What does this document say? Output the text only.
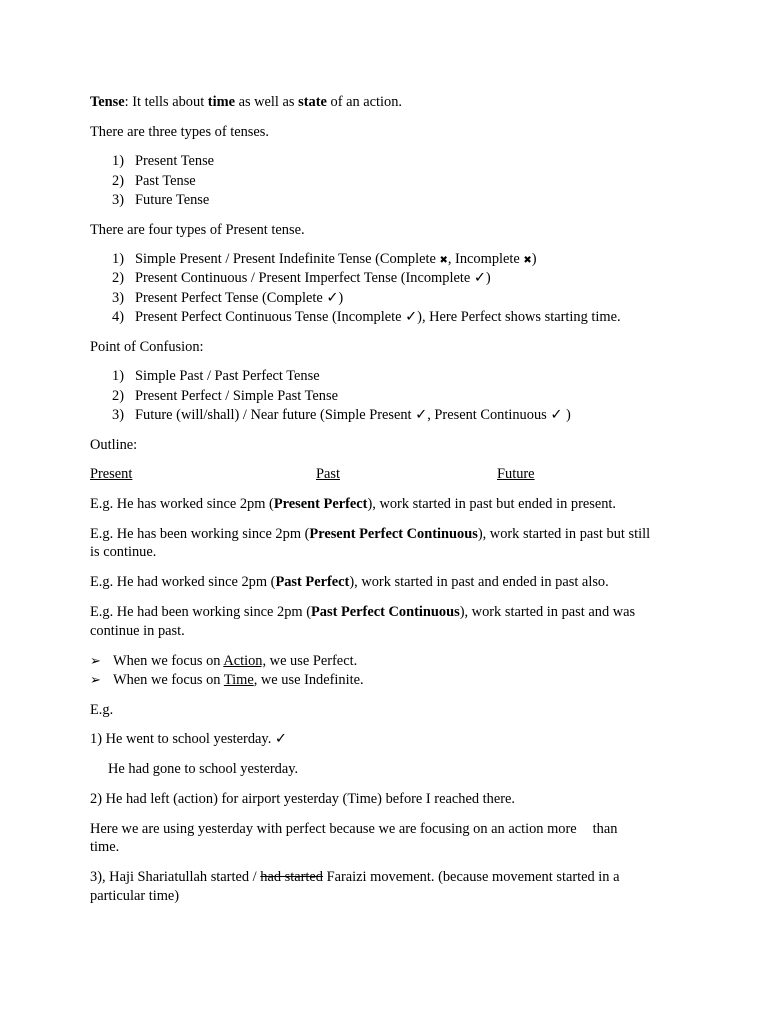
Tense: It tells about time as well as state of an action.
There are three types of tenses.
1) Present Tense
2) Past Tense
3) Future Tense
There are four types of Present tense.
1) Simple Present / Present Indefinite Tense (Complete ✖, Incomplete ✖)
2) Present Continuous / Present Imperfect Tense (Incomplete ✓)
3) Present Perfect Tense (Complete ✓)
4) Present Perfect Continuous Tense (Incomplete ✓), Here Perfect shows starting time.
Point of Confusion:
1) Simple Past / Past Perfect Tense
2) Present Perfect / Simple Past Tense
3) Future (will/shall) / Near future (Simple Present ✓, Present Continuous ✓ )
Outline:
Present	Past	Future
E.g. He has worked since 2pm (Present Perfect), work started in past but ended in present.
E.g. He has been working since 2pm (Present Perfect Continuous), work started in past but still
is continue.
E.g. He had worked since 2pm (Past Perfect), work started in past and ended in past also.
E.g. He had been working since 2pm (Past Perfect Continuous), work started in past and was
continue in past.
➢ When we focus on Action, we use Perfect.
➢ When we focus on Time, we use Indefinite.
E.g.
1) He went to school yesterday. ✓
He had gone to school yesterday.
2) He had left (action) for airport yesterday (Time) before I reached there.
Here we are using yesterday with perfect because we are focusing on an action more than
time.
3), Haji Shariatullah started / had started Faraizi movement. (because movement started in a
particular time)
